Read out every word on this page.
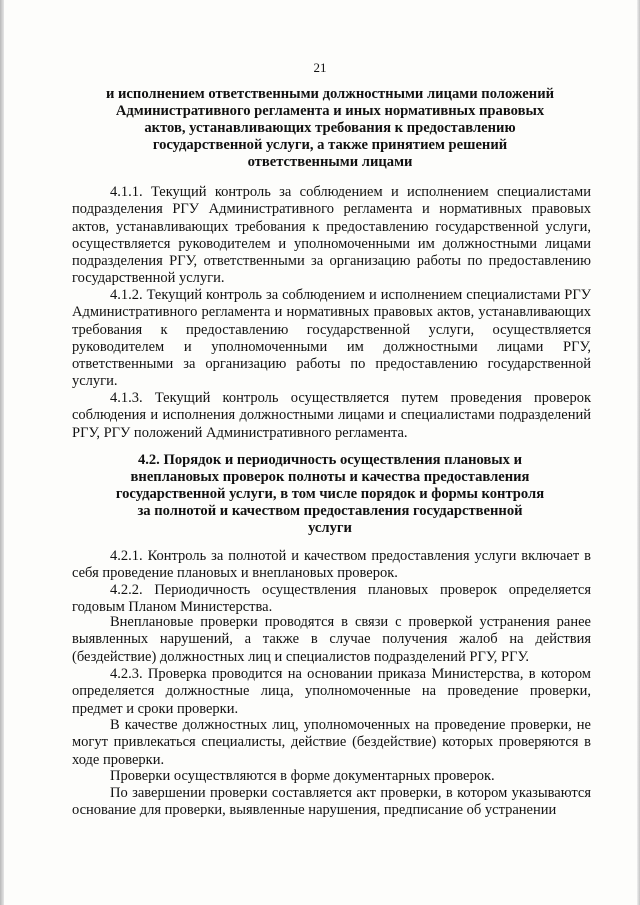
21
и исполнением ответственными должностными лицами положений
Административного регламента и иных нормативных правовых
актов, устанавливающих требования к предоставлению
государственной услуги, а также принятием решений
ответственными лицами

4.1.1. Текущий контроль за соблюдением и исполнением специалистами подразделения РГУ Административного регламента и нормативных правовых актов, устанавливающих требования к предоставлению государственной услуги, осуществляется руководителем и уполномоченными им должностными лицами подразделения РГУ, ответственными за организацию работы по предоставлению государственной услуги.

4.1.2. Текущий контроль за соблюдением и исполнением специалистами РГУ Административного регламента и нормативных правовых актов, устанавливающих требования к предоставлению государственной услуги, осуществляется руководителем и уполномоченными им должностными лицами РГУ, ответственными за организацию работы по предоставлению государственной услуги.

4.1.3. Текущий контроль осуществляется путем проведения проверок соблюдения и исполнения должностными лицами и специалистами подразделений РГУ, РГУ положений Административного регламента.

4.2. Порядок и периодичность осуществления плановых и
внеплановых проверок полноты и качества предоставления
государственной услуги, в том числе порядок и формы контроля
за полнотой и качеством предоставления государственной
услуги

4.2.1. Контроль за полнотой и качеством предоставления услуги включает в себя проведение плановых и внеплановых проверок.

4.2.2. Периодичность осуществления плановых проверок определяется годовым Планом Министерства.

Внеплановые проверки проводятся в связи с проверкой устранения ранее выявленных нарушений, а также в случае получения жалоб на действия (бездействие) должностных лиц и специалистов подразделений РГУ, РГУ.

4.2.3. Проверка проводится на основании приказа Министерства, в котором определяется должностные лица, уполномоченные на проведение проверки, предмет и сроки проверки.

В качестве должностных лиц, уполномоченных на проведение проверки, не могут привлекаться специалисты, действие (бездействие) которых проверяются в ходе проверки.

Проверки осуществляются в форме документарных проверок.

По завершении проверки составляется акт проверки, в котором указываются основание для проверки, выявленные нарушения, предписание об устранении
